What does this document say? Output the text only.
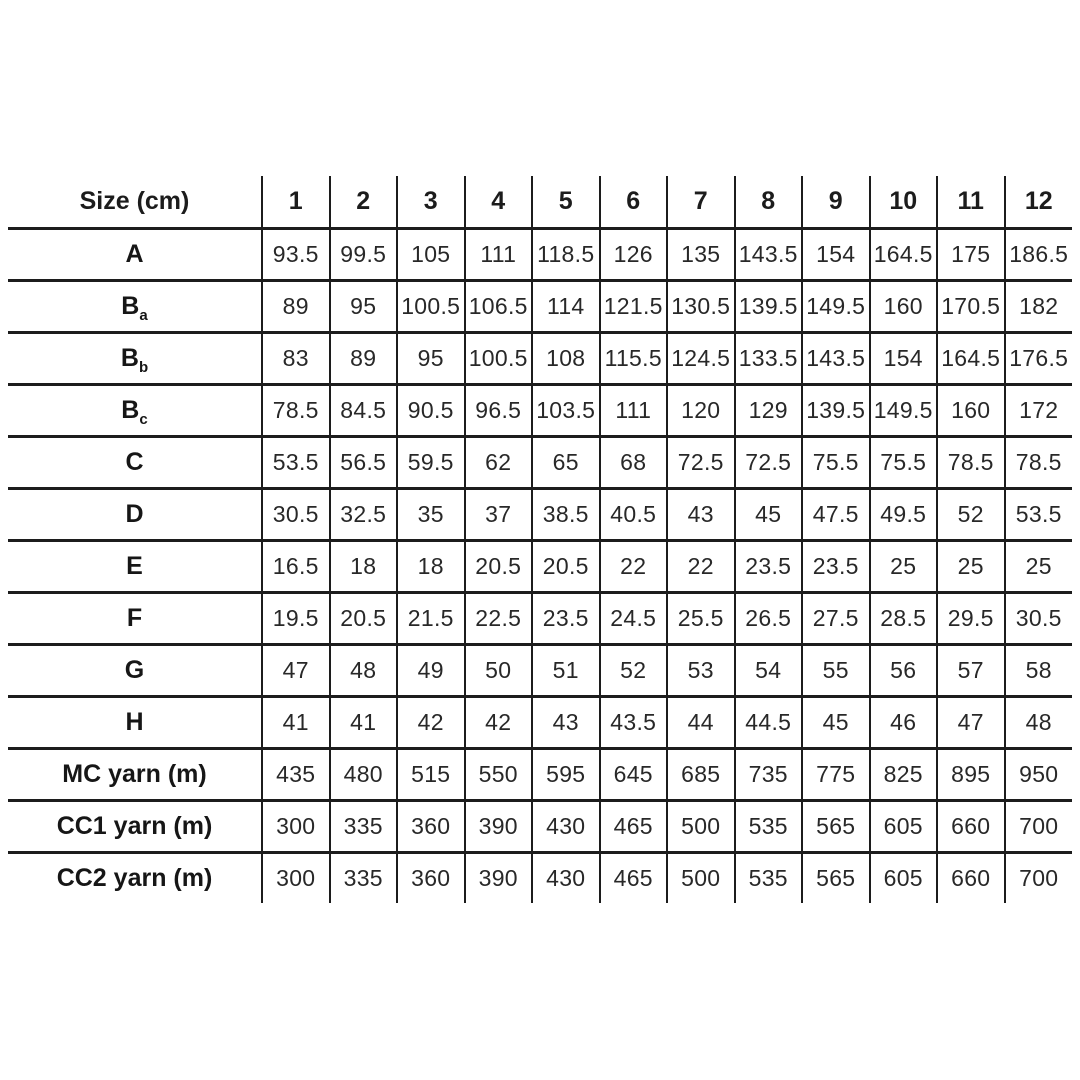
Size (cm)	1	2	3	4	5	6	7	8	9	10	11	12
A	93.5	99.5	105	111	118.5	126	135	143.5	154	164.5	175	186.5
$B_a$	89	95	100.5	106.5	114	121.5	130.5	139.5	149.5	160	170.5	182
$B_b$	83	89	95	100.5	108	115.5	124.5	133.5	143.5	154	164.5	176.5
$B_c$	78.5	84.5	90.5	96.5	103.5	111	120	129	139.5	149.5	160	172
C	53.5	56.5	59.5	62	65	68	72.5	72.5	75.5	75.5	78.5	78.5
D	30.5	32.5	35	37	38.5	40.5	43	45	47.5	49.5	52	53.5
E	16.5	18	18	20.5	20.5	22	22	23.5	23.5	25	25	25
F	19.5	20.5	21.5	22.5	23.5	24.5	25.5	26.5	27.5	28.5	29.5	30.5
G	47	48	49	50	51	52	53	54	55	56	57	58
H	41	41	42	42	43	43.5	44	44.5	45	46	47	48
MC yarn (m)	435	480	515	550	595	645	685	735	775	825	895	950
CC1 yarn (m)	300	335	360	390	430	465	500	535	565	605	660	700
CC2 yarn (m)	300	335	360	390	430	465	500	535	565	605	660	700
